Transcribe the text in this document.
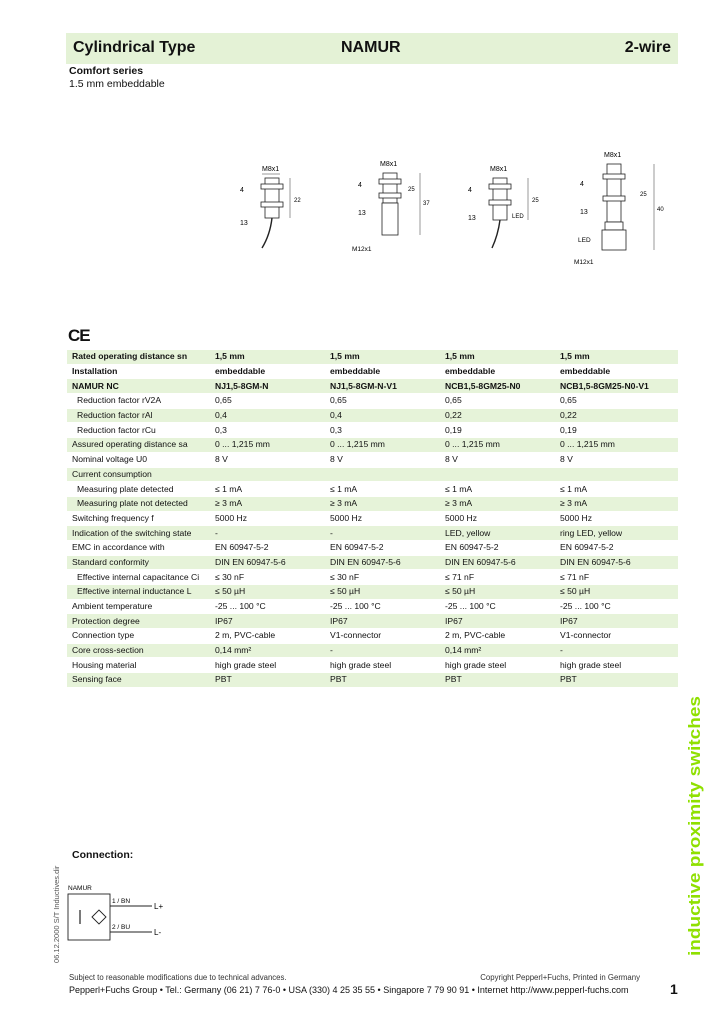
Cylindrical Type	NAMUR	2-wire
Comfort series
1.5 mm embeddable
M8x1
22
4
13
M8x1
37
25
4
13
M12x1
M8x1
25
LED
4
13
M8x1
40
25
LED
4
13
M12x1
CE
Rated operating distance sn	1,5 mm	1,5 mm	1,5 mm	1,5 mm
Installation	embeddable	embeddable	embeddable	embeddable
NAMUR NC	NJ1,5-8GM-N	NJ1,5-8GM-N-V1	NCB1,5-8GM25-N0	NCB1,5-8GM25-N0-V1
Reduction factor rV2A	0,65	0,65	0,65	0,65
Reduction factor rAl	0,4	0,4	0,22	0,22
Reduction factor rCu	0,3	0,3	0,19	0,19
Assured operating distance sa	0 ... 1,215 mm	0 ... 1,215 mm	0 ... 1,215 mm	0 ... 1,215 mm
Nominal voltage U0	8 V	8 V	8 V	8 V
Current consumption				
Measuring plate detected	≤ 1 mA	≤ 1 mA	≤ 1 mA	≤ 1 mA
Measuring plate not detected	≥ 3 mA	≥ 3 mA	≥ 3 mA	≥ 3 mA
Switching frequency f	5000 Hz	5000 Hz	5000 Hz	5000 Hz
Indication of the switching state	-	-	LED, yellow	ring LED, yellow
EMC in accordance with	EN 60947-5-2	EN 60947-5-2	EN 60947-5-2	EN 60947-5-2
Standard conformity	DIN EN 60947-5-6	DIN EN 60947-5-6	DIN EN 60947-5-6	DIN EN 60947-5-6
Effective internal capacitance Ci	≤ 30 nF	≤ 30 nF	≤ 71 nF	≤ 71 nF
Effective internal inductance L	≤ 50 µH	≤ 50 µH	≤ 50 µH	≤ 50 µH
Ambient temperature	-25 ... 100 °C	-25 ... 100 °C	-25 ... 100 °C	-25 ... 100 °C
Protection degree	IP67	IP67	IP67	IP67
Connection type	2 m, PVC-cable	V1-connector	2 m, PVC-cable	V1-connector
Core cross-section	0,14 mm²	-	0,14 mm²	-
Housing material	high grade steel	high grade steel	high grade steel	high grade steel
Sensing face	PBT	PBT	PBT	PBT
inductive proximity switches
06.12.2000 S/T Inductives.dir
Connection:
NAMUR
1 / BN
2 / BU
L+
L-
Subject to reasonable modifications due to technical advances.	Copyright Pepperl+Fuchs, Printed in Germany
Pepperl+Fuchs Group • Tel.: Germany (06 21) 7 76-0 • USA (330) 4 25 35 55 • Singapore 7 79 90 91 • Internet http://www.pepperl-fuchs.com	1
